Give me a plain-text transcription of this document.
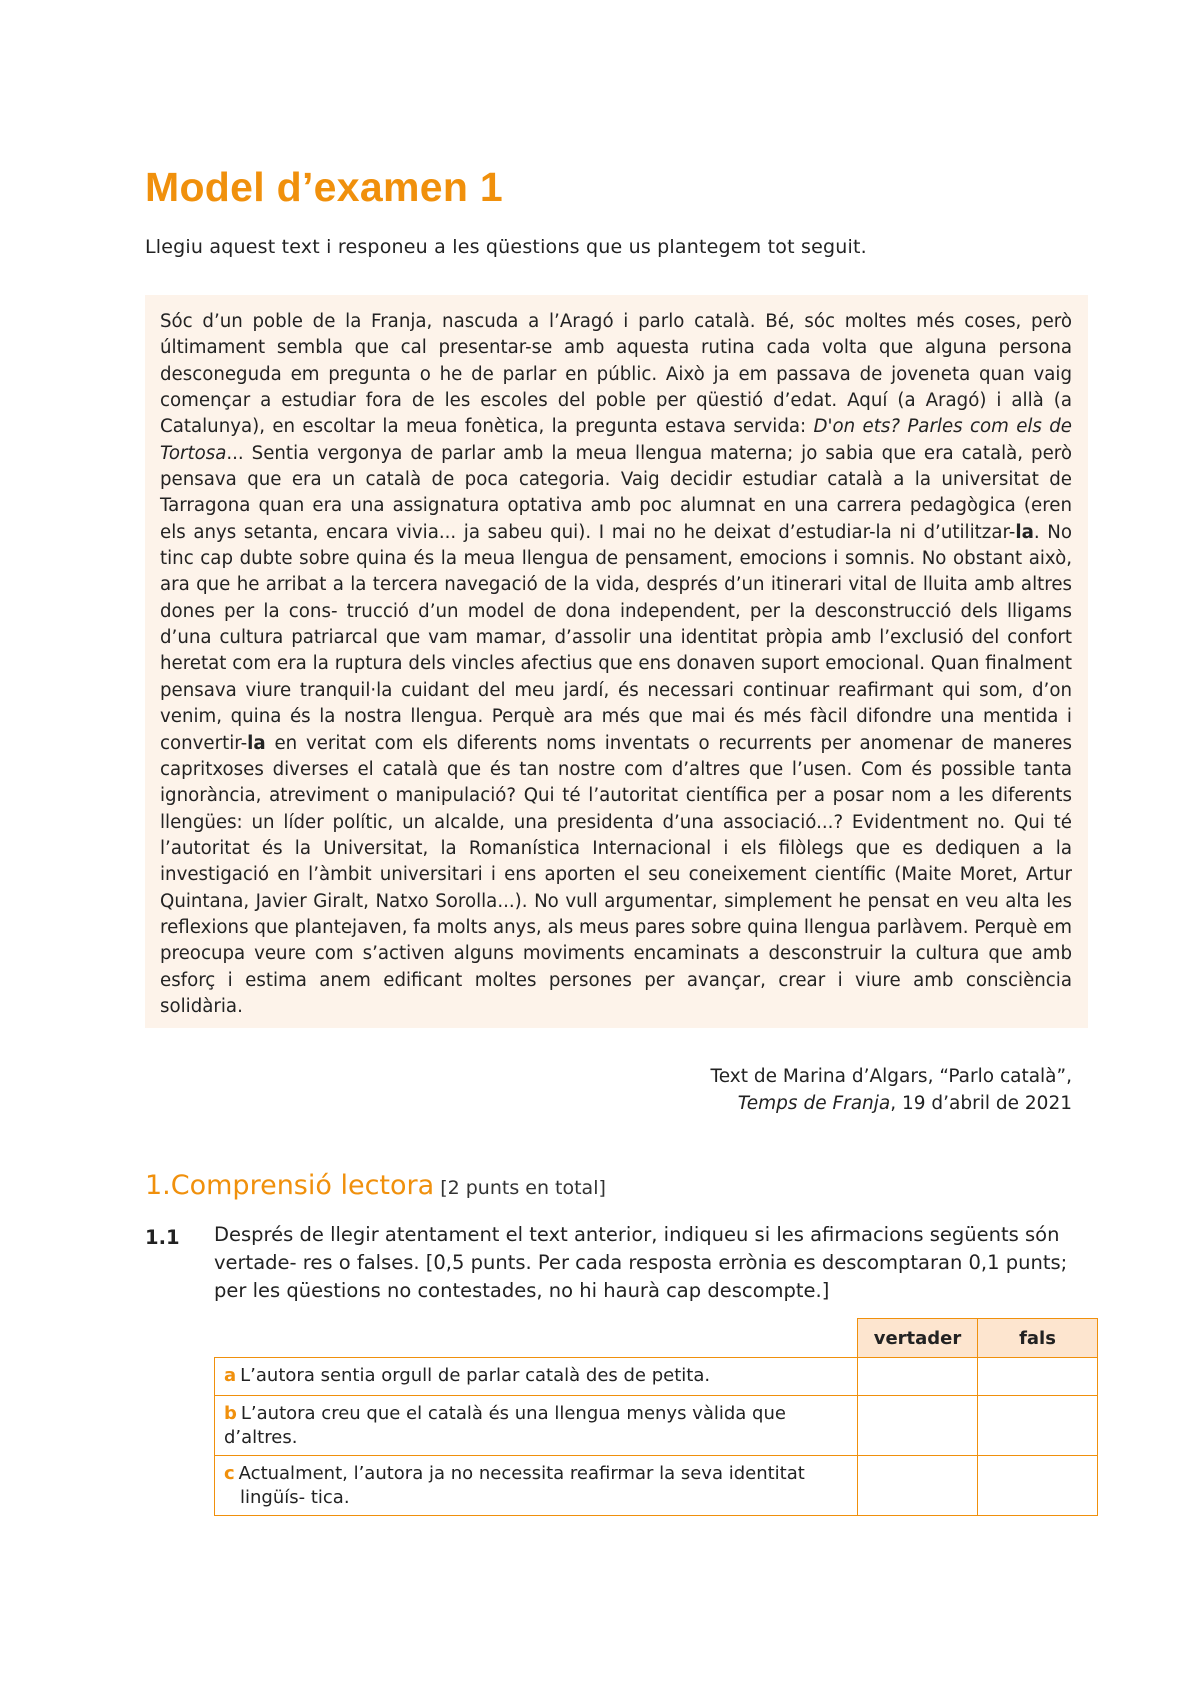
Model d’examen 1

Llegiu aquest text i responeu a les qüestions que us plantegem tot seguit.

Sóc d’un poble de la Franja, nascuda a l’Aragó i parlo català. Bé, sóc moltes més coses, però últimament sembla que cal presentar-se amb aquesta rutina cada volta que alguna persona desconeguda em pregunta o he de parlar en públic. Això ja em passava de joveneta quan vaig començar a estudiar fora de les escoles del poble per qüestió d’edat. Aquí (a Aragó) i allà (a Catalunya), en escoltar la meua fonètica, la pregunta estava servida: D'on ets? Parles com els de Tortosa... Sentia vergonya de parlar amb la meua llengua materna; jo sabia que era català, però pensava que era un català de poca categoria. Vaig decidir estudiar català a la universitat de Tarragona quan era una assignatura optativa amb poc alumnat en una carrera pedagògica (eren els anys setanta, encara vivia... ja sabeu qui). I mai no he deixat d’estudiar-la ni d’utilitzar-la. No tinc cap dubte sobre quina és la meua llengua de pensament, emocions i somnis. No obstant això, ara que he arribat a la tercera navegació de la vida, després d’un itinerari vital de lluita amb altres dones per la cons- trucció d’un model de dona independent, per la desconstrucció dels lligams d’una cultura patriarcal que vam mamar, d’assolir una identitat pròpia amb l’exclusió del confort heretat com era la ruptura dels vincles afectius que ens donaven suport emocional. Quan finalment pensava viure tranquil·la cuidant del meu jardí, és necessari continuar reafirmant qui som, d’on venim, quina és la nostra llengua. Perquè ara més que mai és més fàcil difondre una mentida i convertir-la en veritat com els diferents noms inventats o recurrents per anomenar de maneres capritxoses diverses el català que és tan nostre com d’altres que l’usen. Com és possible tanta ignorància, atreviment o manipulació? Qui té l’autoritat científica per a posar nom a les diferents llengües: un líder polític, un alcalde, una presidenta d’una associació...? Evidentment no. Qui té l’autoritat és la Universitat, la Romanística Internacional i els filòlegs que es dediquen a la investigació en l’àmbit universitari i ens aporten el seu coneixement científic (Maite Moret, Artur Quintana, Javier Giralt, Natxo Sorolla...). No vull argumentar, simplement he pensat en veu alta les reflexions que plantejaven, fa molts anys, als meus pares sobre quina llengua parlàvem. Perquè em preocupa veure com s’activen alguns moviments encaminats a desconstruir la cultura que amb esforç i estima anem edificant moltes persones per avançar, crear i viure amb consciència solidària.

Text de Marina d’Algars, “Parlo català”,
Temps de Franja, 19 d’abril de 2021
1.Comprensió lectora [2 punts en total]
1.1 Després de llegir atentament el text anterior, indiqueu si les afirmacions següents són vertade- res o falses. [0,5 punts. Per cada resposta errònia es descomptaran 0,1 punts; per les qüestions no contestades, no hi haurà cap descompte.]

	vertader	fals
a L’autora sentia orgull de parlar català des de petita.		
b L’autora creu que el català és una llengua menys vàlida que
d’altres.		
c Actualment, l’autora ja no necessita reafirmar la seva identitat
lingüís- tica.		
